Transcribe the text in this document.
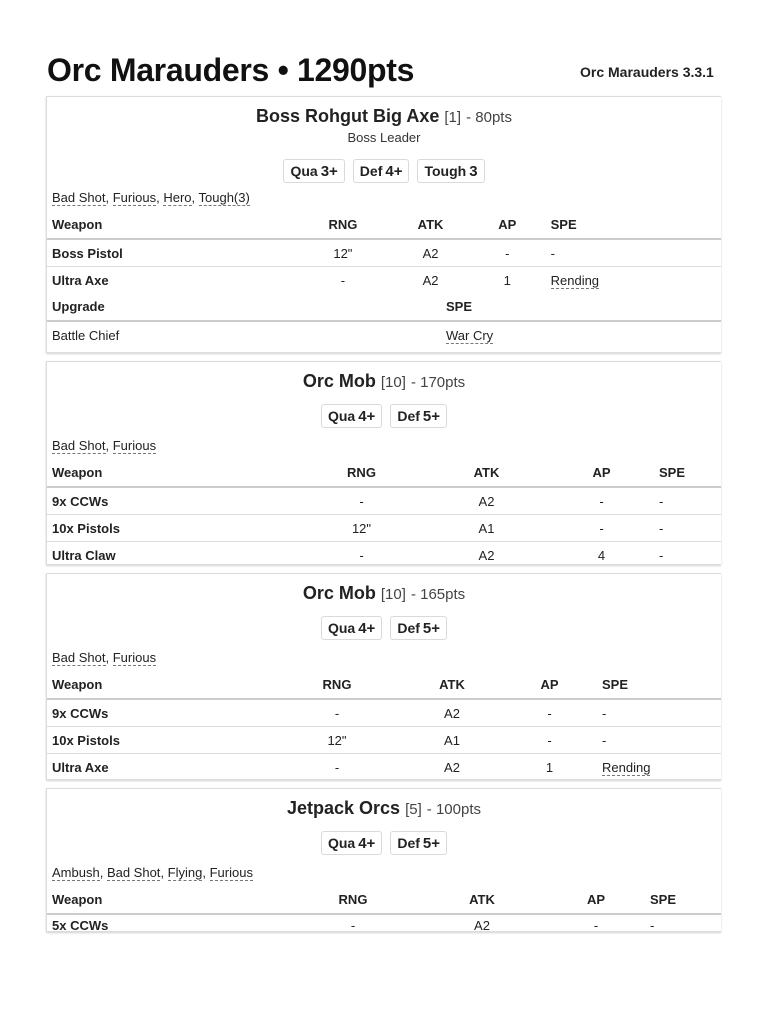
Orc Marauders • 1290pts	Orc Marauders 3.3.1
Boss Rohgut Big Axe [1] - 80pts
Boss Leader
Qua 3+	Def 4+	Tough 3
Bad Shot, Furious, Hero, Tough(3)
Weapon	RNG	ATK	AP	SPE
Boss Pistol	12"	A2	-	-
Ultra Axe	-	A2	1	Rending
Upgrade	SPE
Battle Chief	War Cry
Orc Mob [10] - 170pts
Qua 4+	Def 5+
Bad Shot, Furious
Weapon	RNG	ATK	AP	SPE
9x CCWs	-	A2	-	-
10x Pistols	12"	A1	-	-
Ultra Claw	-	A2	4	-
Orc Mob [10] - 165pts
Qua 4+	Def 5+
Bad Shot, Furious
Weapon	RNG	ATK	AP	SPE
9x CCWs	-	A2	-	-
10x Pistols	12"	A1	-	-
Ultra Axe	-	A2	1	Rending
Jetpack Orcs [5] - 100pts
Qua 4+	Def 5+
Ambush, Bad Shot, Flying, Furious
Weapon	RNG	ATK	AP	SPE
5x CCWs	-	A2	-	-
